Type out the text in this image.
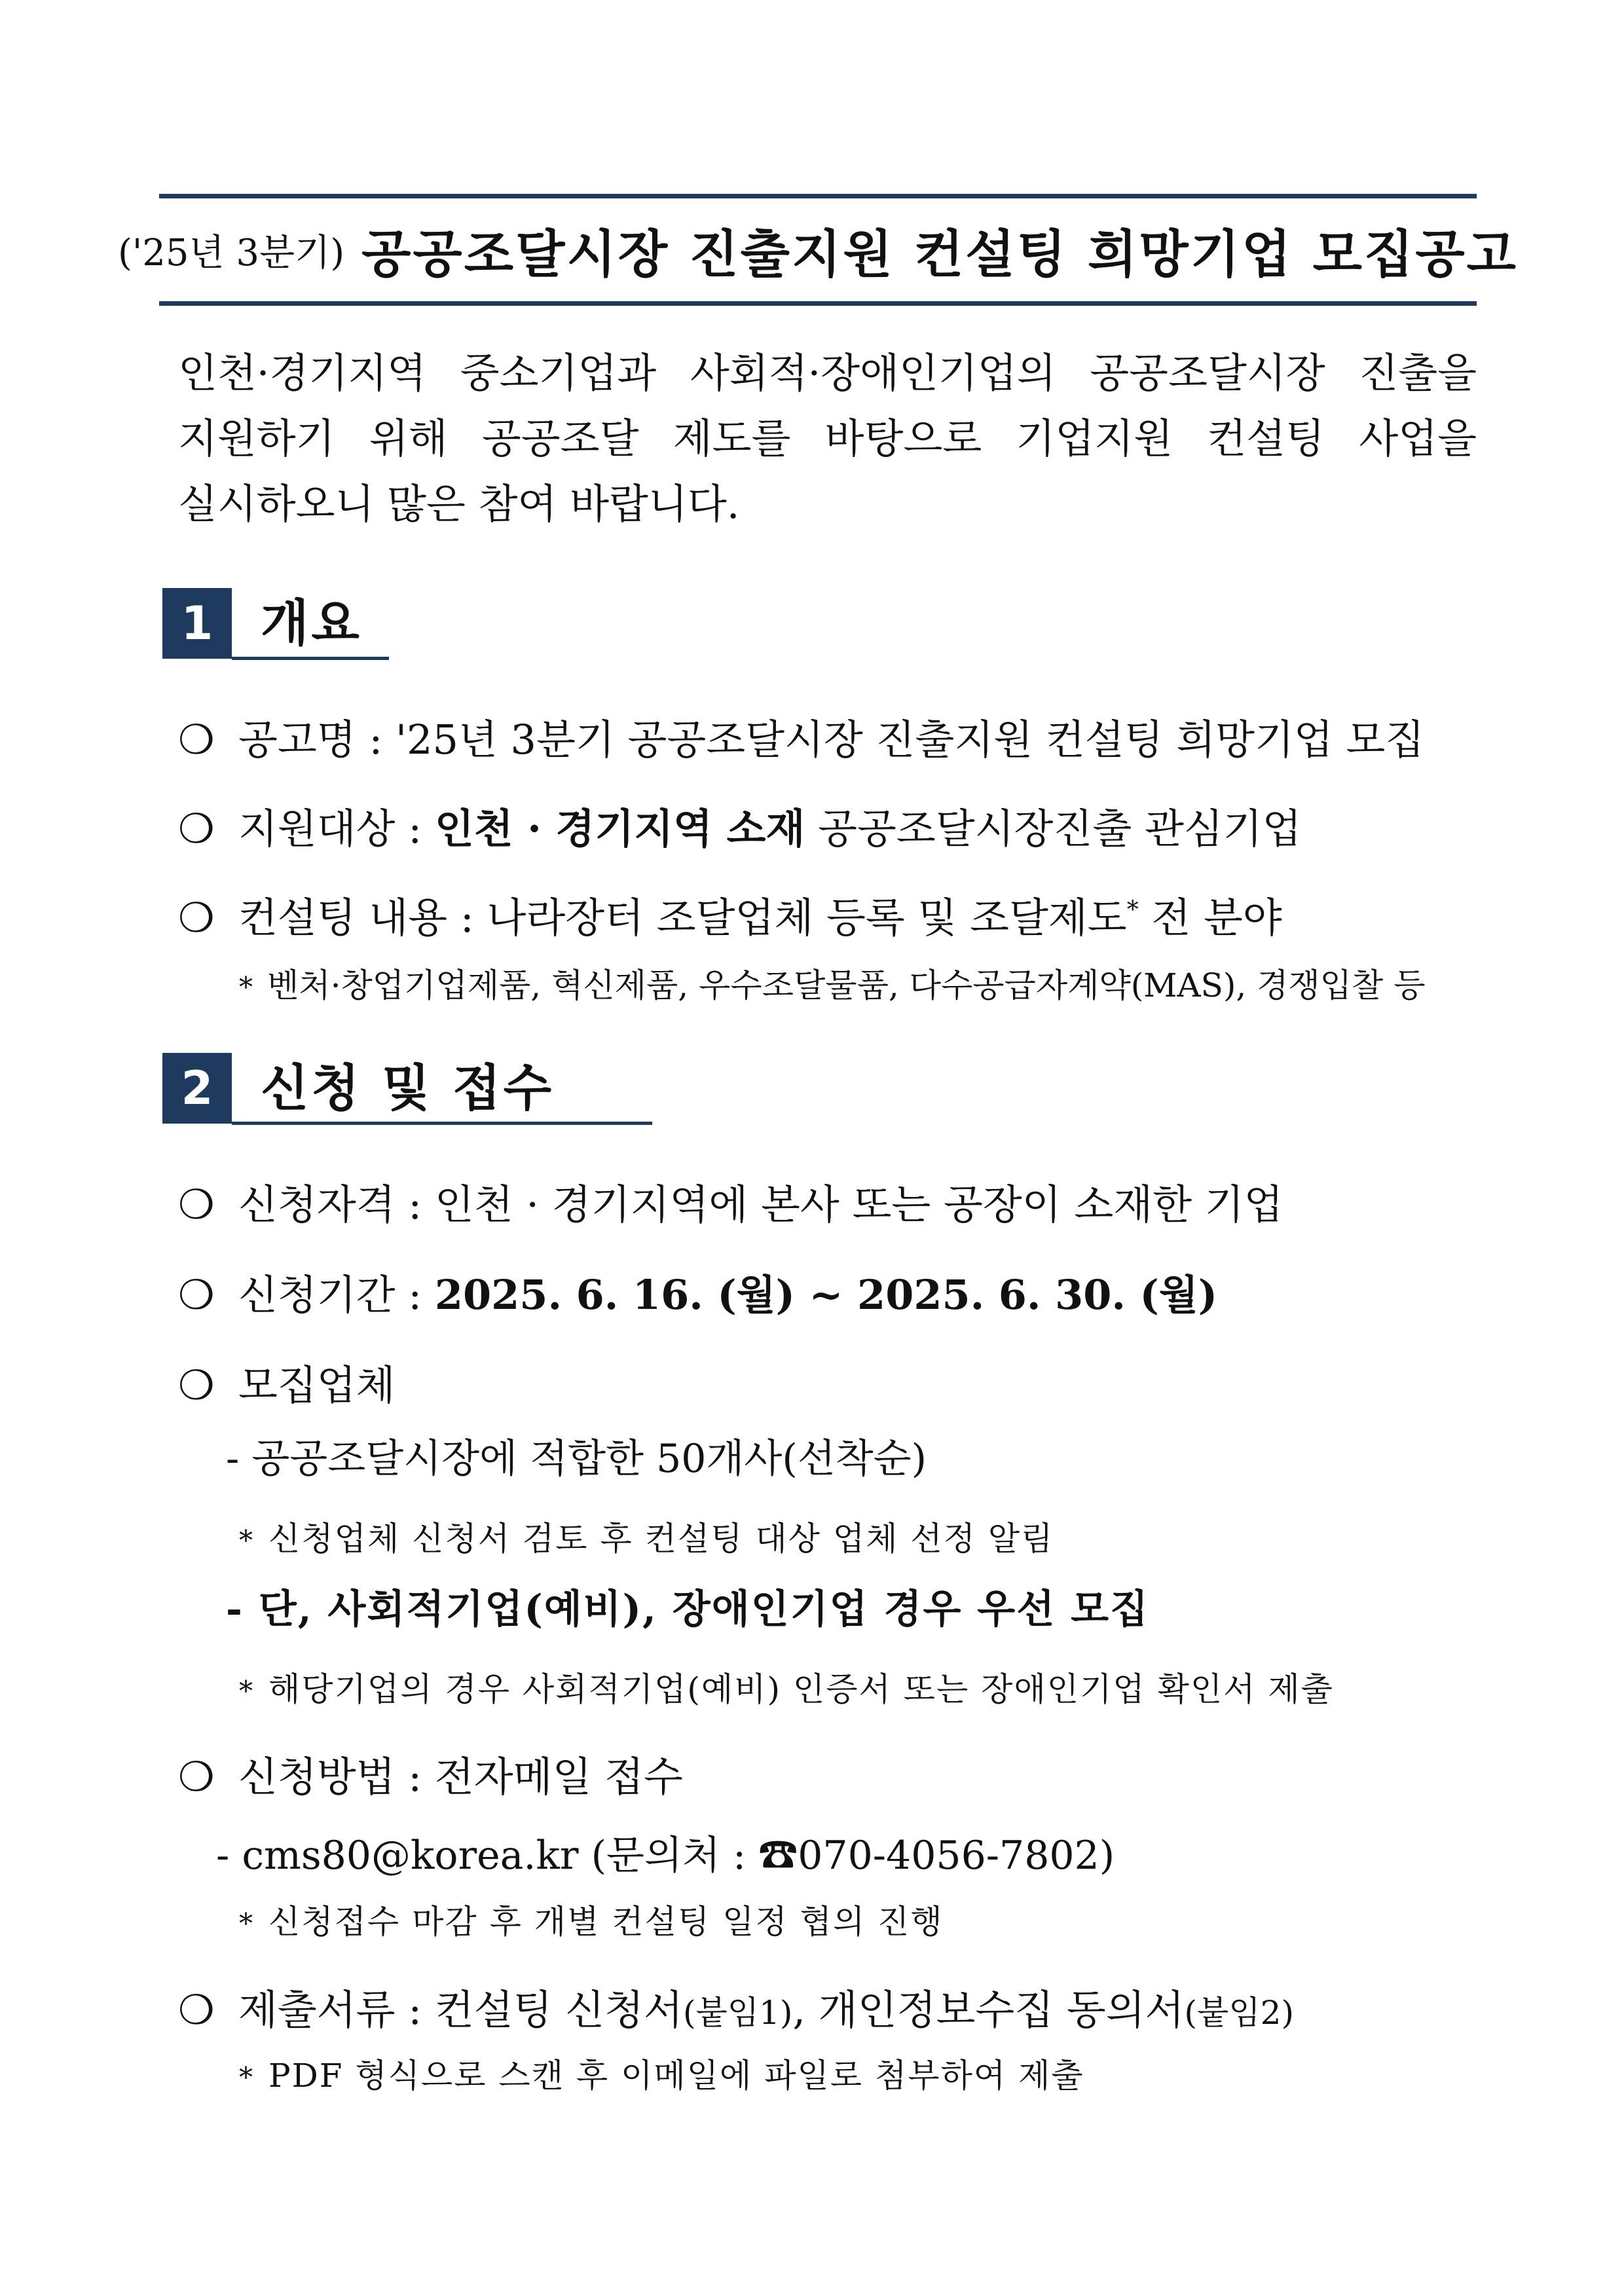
('25년 3분기) 공공조달시장 진출지원 컨설팅 희망기업 모집공고
인천·경기지역 중소기업과 사회적·장애인기업의 공공조달시장 진출을
지원하기 위해 공공조달 제도를 바탕으로 기업지원 컨설팅 사업을
실시하오니 많은 참여 바랍니다.
1 개요
❍ 공고명 : '25년 3분기 공공조달시장 진출지원 컨설팅 희망기업 모집
❍ 지원대상 : 인천 · 경기지역 소재 공공조달시장진출 관심기업
❍ 컨설팅 내용 : 나라장터 조달업체 등록 및 조달제도* 전 분야
* 벤처·창업기업제품, 혁신제품, 우수조달물품, 다수공급자계약(MAS), 경쟁입찰 등
2 신청 및 접수
❍ 신청자격 : 인천 · 경기지역에 본사 또는 공장이 소재한 기업
❍ 신청기간 : 2025. 6. 16. (월) ~ 2025. 6. 30. (월)
❍ 모집업체
- 공공조달시장에 적합한 50개사(선착순)
* 신청업체 신청서 검토 후 컨설팅 대상 업체 선정 알림
- 단, 사회적기업(예비), 장애인기업 경우 우선 모집
* 해당기업의 경우 사회적기업(예비) 인증서 또는 장애인기업 확인서 제출
❍ 신청방법 : 전자메일 접수
- cms80@korea.kr (문의처 : ☎070-4056-7802)
* 신청접수 마감 후 개별 컨설팅 일정 협의 진행
❍ 제출서류 : 컨설팅 신청서(붙임1), 개인정보수집 동의서(붙임2)
* PDF 형식으로 스캔 후 이메일에 파일로 첨부하여 제출
